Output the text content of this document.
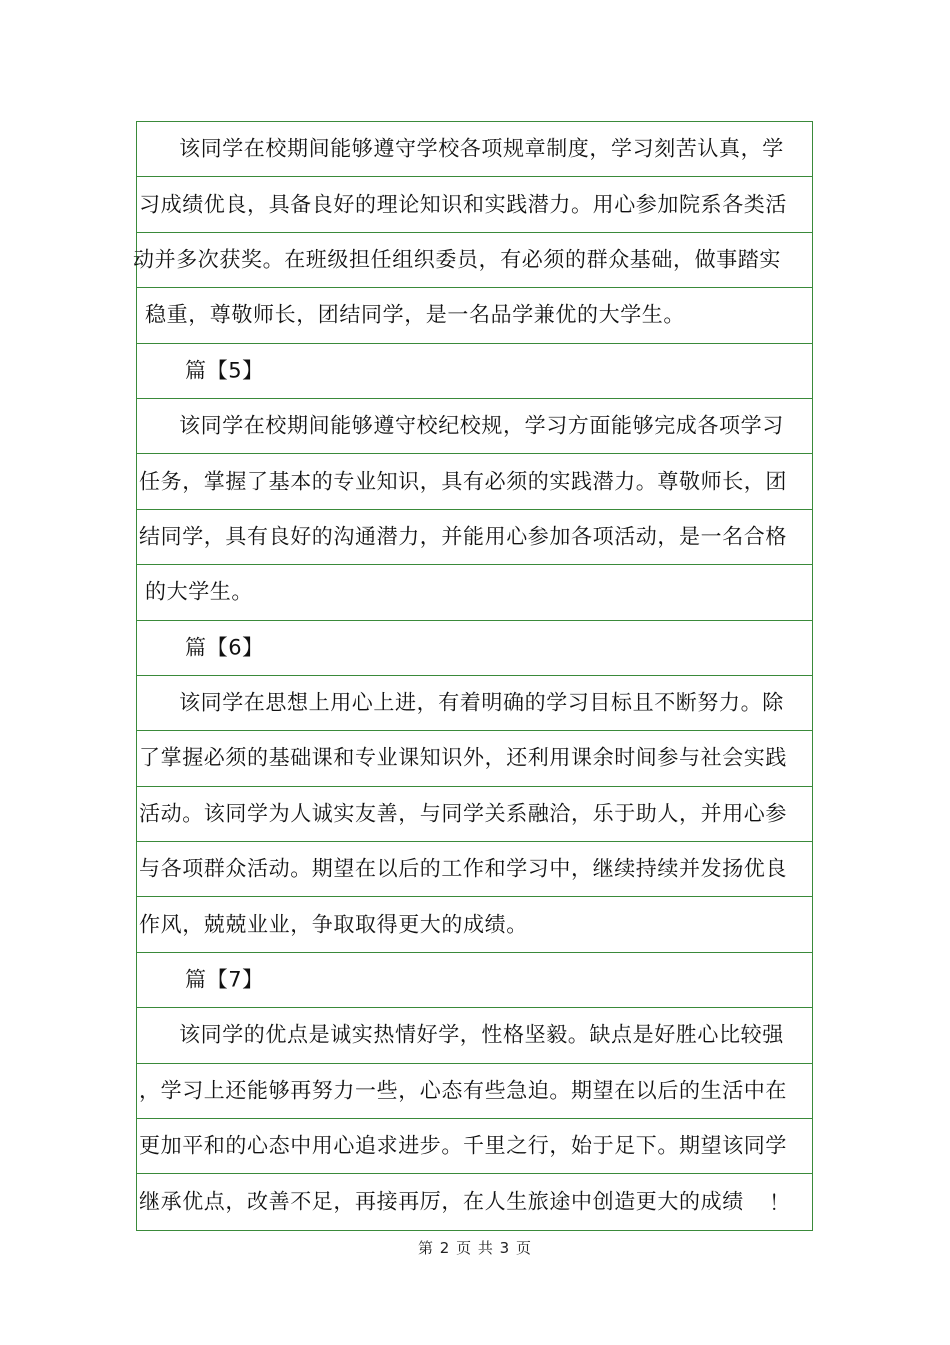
该同学在校期间能够遵守学校各项规章制度，学习刻苦认真，学
习成绩优良，具备良好的理论知识和实践潜力。用心参加院系各类活
动并多次获奖。在班级担任组织委员，有必须的群众基础，做事踏实
稳重，尊敬师长，团结同学，是一名品学兼优的大学生。
篇【5】
该同学在校期间能够遵守校纪校规，学习方面能够完成各项学习
任务，掌握了基本的专业知识，具有必须的实践潜力。尊敬师长，团
结同学，具有良好的沟通潜力，并能用心参加各项活动，是一名合格
的大学生。
篇【6】
该同学在思想上用心上进，有着明确的学习目标且不断努力。除
了掌握必须的基础课和专业课知识外，还利用课余时间参与社会实践
活动。该同学为人诚实友善，与同学关系融洽，乐于助人，并用心参
与各项群众活动。期望在以后的工作和学习中，继续持续并发扬优良
作风，兢兢业业，争取取得更大的成绩。
篇【7】
该同学的优点是诚实热情好学，性格坚毅。缺点是好胜心比较强
，学习上还能够再努力一些，心态有些急迫。期望在以后的生活中在
更加平和的心态中用心追求进步。千里之行，始于足下。期望该同学
继承优点，改善不足，再接再厉，在人生旅途中创造更大的成绩 ！
第 2 页 共 3 页
